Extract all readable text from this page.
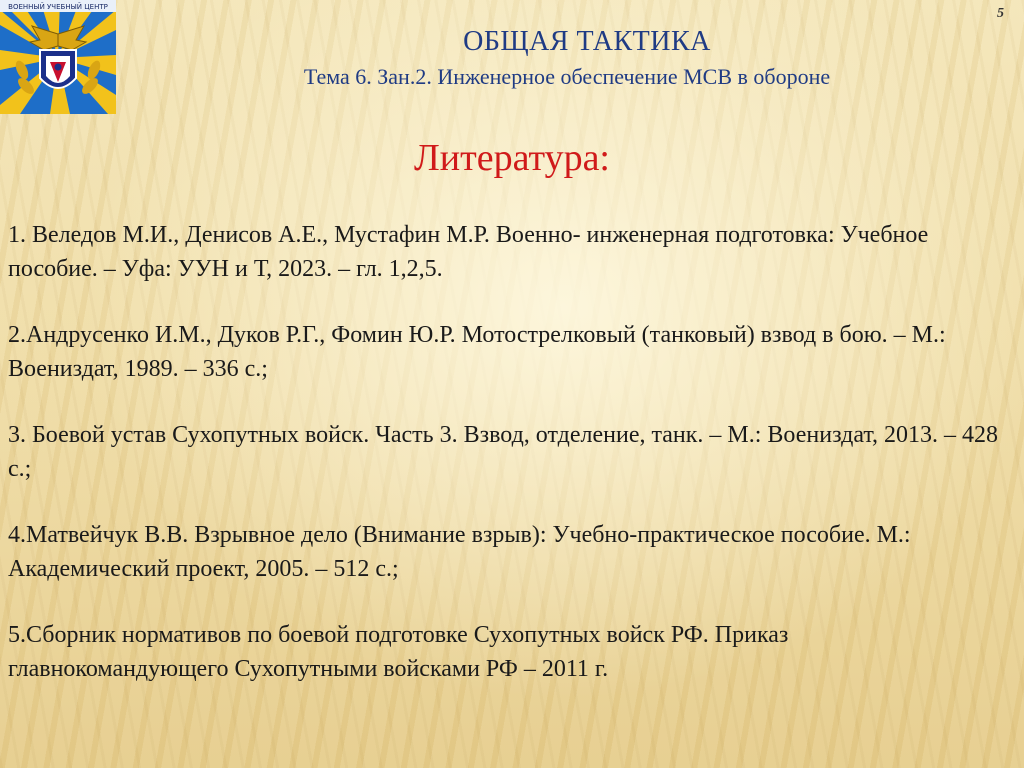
ВОЕННЫЙ УЧЕБНЫЙ ЦЕНТР	5
ОБЩАЯ ТАКТИКА
Тема 6. Зан.2. Инженерное обеспечение МСВ в обороне
Литература:
1. Веледов М.И., Денисов А.Е., Мустафин М.Р. Военно- инженерная подготовка: Учебное пособие. – Уфа: УУН и Т, 2023. – гл. 1,2,5.
2.Андрусенко И.М., Дуков Р.Г., Фомин Ю.Р. Мотострелковый (танковый) взвод в бою. – М.: Воениздат, 1989. – 336 с.;
3. Боевой устав Сухопутных войск. Часть 3. Взвод, отделение, танк. – М.: Воениздат, 2013. – 428 с.;
4.Матвейчук В.В. Взрывное дело (Внимание взрыв): Учебно-практическое пособие. М.: Академический проект, 2005. – 512 с.;
5.Сборник нормативов по боевой подготовке Сухопутных войск РФ. Приказ главнокомандующего Сухопутными войсками РФ – 2011 г.
